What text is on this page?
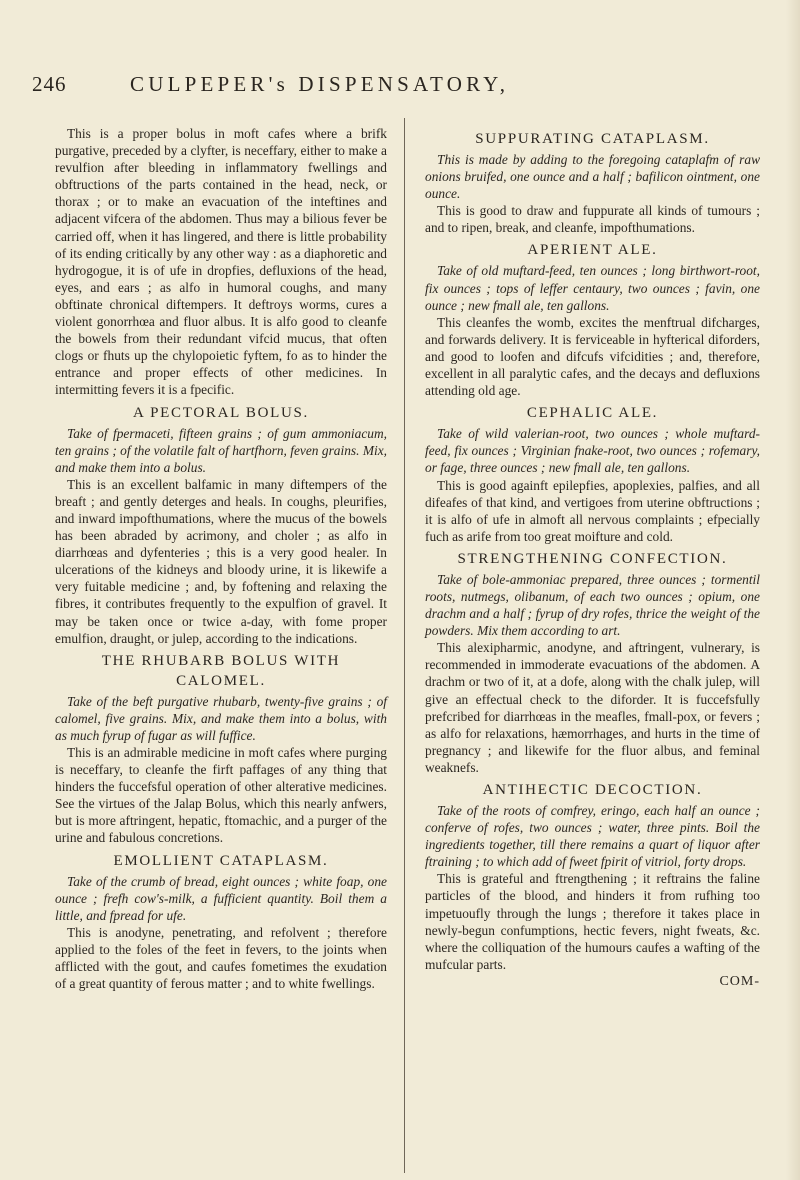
246	CULPEPER's DISPENSATORY,

This is a proper bolus in moft cafes where a brifk purgative, preceded by a clyfter, is neceffary, either to make a revulfion after bleeding in inflammatory fwellings and obftructions of the parts contained in the head, neck, or thorax ; or to make an evacuation of the inteftines and adjacent vifcera of the abdomen. Thus may a bilious fever be carried off, when it has lingered, and there is little probability of its ending critically by any other way : as a diaphoretic and hydrogogue, it is of ufe in dropfies, defluxions of the head, eyes, and ears ; as alfo in humoral coughs, and many obftinate chronical diftempers. It deftroys worms, cures a violent gonorrhœa and fluor albus. It is alfo good to cleanfe the bowels from their redundant vifcid mucus, that often clogs or fhuts up the chylopoietic fyftem, fo as to hinder the entrance and proper effects of other medicines. In intermitting fevers it is a fpecific.

A PECTORAL BOLUS.

Take of fpermaceti, fifteen grains ; of gum ammoniacum, ten grains ; of the volatile falt of hartfhorn, feven grains. Mix, and make them into a bolus.

This is an excellent balfamic in many diftempers of the breaft ; and gently deterges and heals. In coughs, pleurifies, and inward impofthumations, where the mucus of the bowels has been abraded by acrimony, and choler ; as alfo in diarrhœas and dyfenteries ; this is a very good healer. In ulcerations of the kidneys and bloody urine, it is likewife a very fuitable medicine ; and, by foftening and relaxing the fibres, it contributes frequently to the expulfion of gravel. It may be taken once or twice a-day, with fome proper emulfion, draught, or julep, according to the indications.

THE RHUBARB BOLUS WITH CALOMEL.

Take of the beft purgative rhubarb, twenty-five grains ; of calomel, five grains. Mix, and make them into a bolus, with as much fyrup of fugar as will fuffice.

This is an admirable medicine in moft cafes where purging is neceffary, to cleanfe the firft paffages of any thing that hinders the fuccefsful operation of other alterative medicines. See the virtues of the Jalap Bolus, which this nearly anfwers, but is more aftringent, hepatic, ftomachic, and a purger of the urine and fabulous concretions.

EMOLLIENT CATAPLASM.

Take of the crumb of bread, eight ounces ; white foap, one ounce ; frefh cow's-milk, a fufficient quantity. Boil them a little, and fpread for ufe.

This is anodyne, penetrating, and refolvent ; therefore applied to the foles of the feet in fevers, to the joints when afflicted with the gout, and caufes fometimes the exudation of a great quantity of ferous matter ; and to white fwellings.

SUPPURATING CATAPLASM.

This is made by adding to the foregoing cataplafm of raw onions bruifed, one ounce and a half ; bafilicon ointment, one ounce.

This is good to draw and fuppurate all kinds of tumours ; and to ripen, break, and cleanfe, impofthumations.

APERIENT ALE.

Take of old muftard-feed, ten ounces ; long birthwort-root, fix ounces ; tops of leffer centaury, two ounces ; favin, one ounce ; new fmall ale, ten gallons.

This cleanfes the womb, excites the menftrual difcharges, and forwards delivery. It is ferviceable in hyfterical diforders, and good to loofen and difcufs vifcidities ; and, therefore, excellent in all paralytic cafes, and the decays and defluxions attending old age.

CEPHALIC ALE.

Take of wild valerian-root, two ounces ; whole muftard-feed, fix ounces ; Virginian fnake-root, two ounces ; rofemary, or fage, three ounces ; new fmall ale, ten gallons.

This is good againft epilepfies, apoplexies, palfies, and all difeafes of that kind, and vertigoes from uterine obftructions ; it is alfo of ufe in almoft all nervous complaints ; efpecially fuch as arife from too great moifture and cold.

STRENGTHENING CONFECTION.

Take of bole-ammoniac prepared, three ounces ; tormentil roots, nutmegs, olibanum, of each two ounces ; opium, one drachm and a half ; fyrup of dry rofes, thrice the weight of the powders. Mix them according to art.

This alexipharmic, anodyne, and aftringent, vulnerary, is recommended in immoderate evacuations of the abdomen. A drachm or two of it, at a dofe, along with the chalk julep, will give an effectual check to the diforder. It is fuccefsfully prefcribed for diarrhœas in the meafles, fmall-pox, or fevers ; as alfo for relaxations, hæmorrhages, and hurts in the time of pregnancy ; and likewife for the fluor albus, and feminal weaknefs.

ANTIHECTIC DECOCTION.

Take of the roots of comfrey, eringo, each half an ounce ; conferve of rofes, two ounces ; water, three pints. Boil the ingredients together, till there remains a quart of liquor after ftraining ; to which add of fweet fpirit of vitriol, forty drops.

This is grateful and ftrengthening ; it reftrains the faline particles of the blood, and hinders it from rufhing too impetuoufly through the lungs ; therefore it takes place in newly-begun confumptions, hectic fevers, night fweats, &c. where the colliquation of the humours caufes a wafting of the mufcular parts.

COM-
